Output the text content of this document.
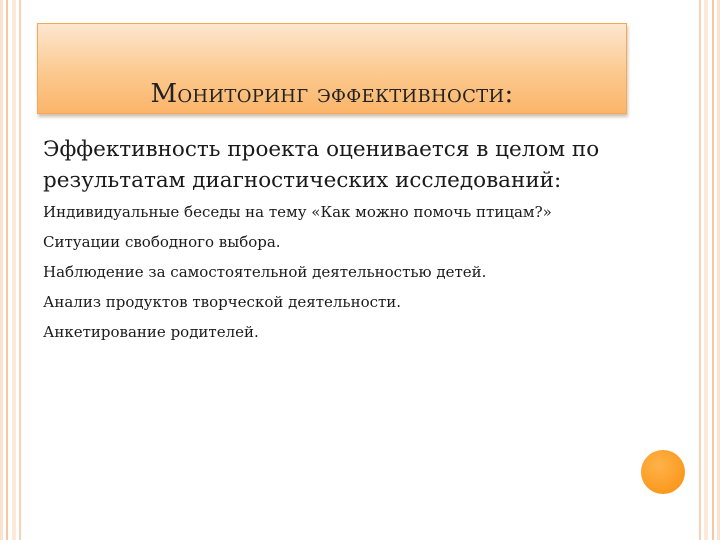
Мониторинг эффективности:

Эффективность проекта оценивается в целом по результатам диагностических исследований:

Индивидуальные беседы на тему «Как можно помочь птицам?»
Ситуации свободного выбора.
Наблюдение за самостоятельной деятельностью детей.
Анализ продуктов творческой деятельности.
Анкетирование родителей.
